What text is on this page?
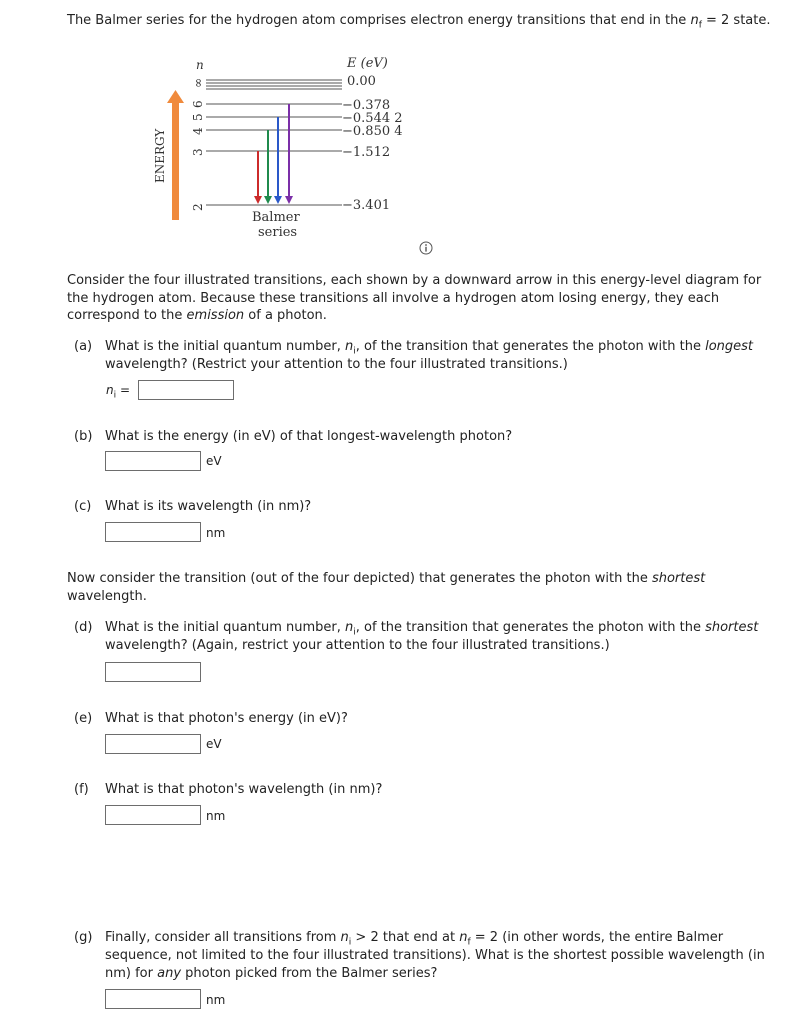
The Balmer series for the hydrogen atom comprises electron energy transitions that end in the $n_f = 2$ state.
n	E (eV)
ENERGY
∞	0.00
6	−0.378
5	−0.544 2
4	−0.850 4
3	−1.512
2	−3.401
Balmer
series
Consider the four illustrated transitions, each shown by a downward arrow in this energy-level diagram for
the hydrogen atom. Because these transitions all involve a hydrogen atom losing energy, they each
correspond to the emission of a photon.
(a) What is the initial quantum number, $n_i$, of the transition that generates the photon with the longest
wavelength? (Restrict your attention to the four illustrated transitions.)
$n_i$ =
(b) What is the energy (in eV) of that longest-wavelength photon?
eV
(c) What is its wavelength (in nm)?
nm
Now consider the transition (out of the four depicted) that generates the photon with the shortest
wavelength.
(d) What is the initial quantum number, $n_i$, of the transition that generates the photon with the shortest
wavelength? (Again, restrict your attention to the four illustrated transitions.)
(e) What is that photon's energy (in eV)?
eV
(f) What is that photon's wavelength (in nm)?
nm
(g) Finally, consider all transitions from $n_i > 2$ that end at $n_f = 2$ (in other words, the entire Balmer
sequence, not limited to the four illustrated transitions). What is the shortest possible wavelength (in
nm) for any photon picked from the Balmer series?
nm
